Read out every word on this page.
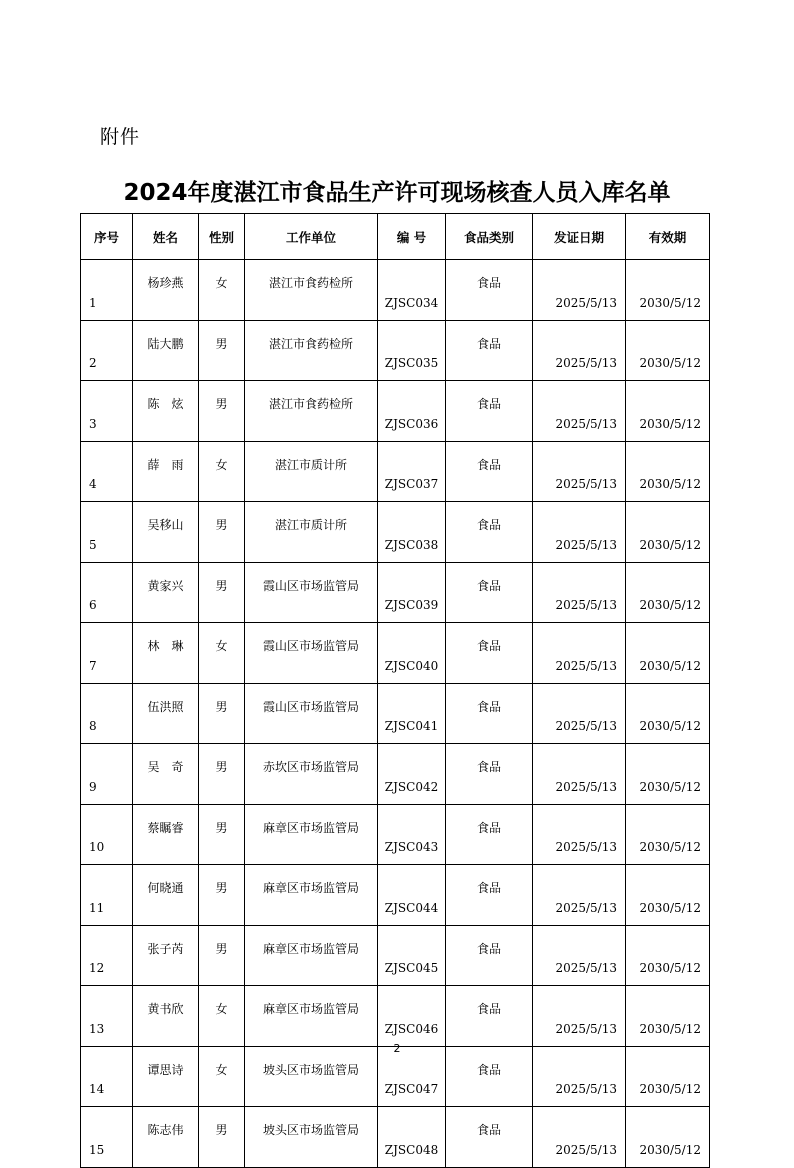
附件
2024年度湛江市食品生产许可现场核查人员入库名单
序号	姓名	性别	工作单位	编 号	食品类别	发证日期	有效期
1	杨珍燕	女	湛江市食药检所	ZJSC034	食品	2025/5/13	2030/5/12
2	陆大鹏	男	湛江市食药检所	ZJSC035	食品	2025/5/13	2030/5/12
3	陈　炫	男	湛江市食药检所	ZJSC036	食品	2025/5/13	2030/5/12
4	薛　雨	女	湛江市质计所	ZJSC037	食品	2025/5/13	2030/5/12
5	吴移山	男	湛江市质计所	ZJSC038	食品	2025/5/13	2030/5/12
6	黄家兴	男	霞山区市场监管局	ZJSC039	食品	2025/5/13	2030/5/12
7	林　琳	女	霞山区市场监管局	ZJSC040	食品	2025/5/13	2030/5/12
8	伍洪照	男	霞山区市场监管局	ZJSC041	食品	2025/5/13	2030/5/12
9	吴　奇	男	赤坎区市场监管局	ZJSC042	食品	2025/5/13	2030/5/12
10	蔡瞩睿	男	麻章区市场监管局	ZJSC043	食品	2025/5/13	2030/5/12
11	何晓通	男	麻章区市场监管局	ZJSC044	食品	2025/5/13	2030/5/12
12	张子芮	男	麻章区市场监管局	ZJSC045	食品	2025/5/13	2030/5/12
13	黄书欣	女	麻章区市场监管局	ZJSC046	食品	2025/5/13	2030/5/12
14	谭思诗	女	坡头区市场监管局	ZJSC047	食品	2025/5/13	2030/5/12
15	陈志伟	男	坡头区市场监管局	ZJSC048	食品	2025/5/13	2030/5/12
2
